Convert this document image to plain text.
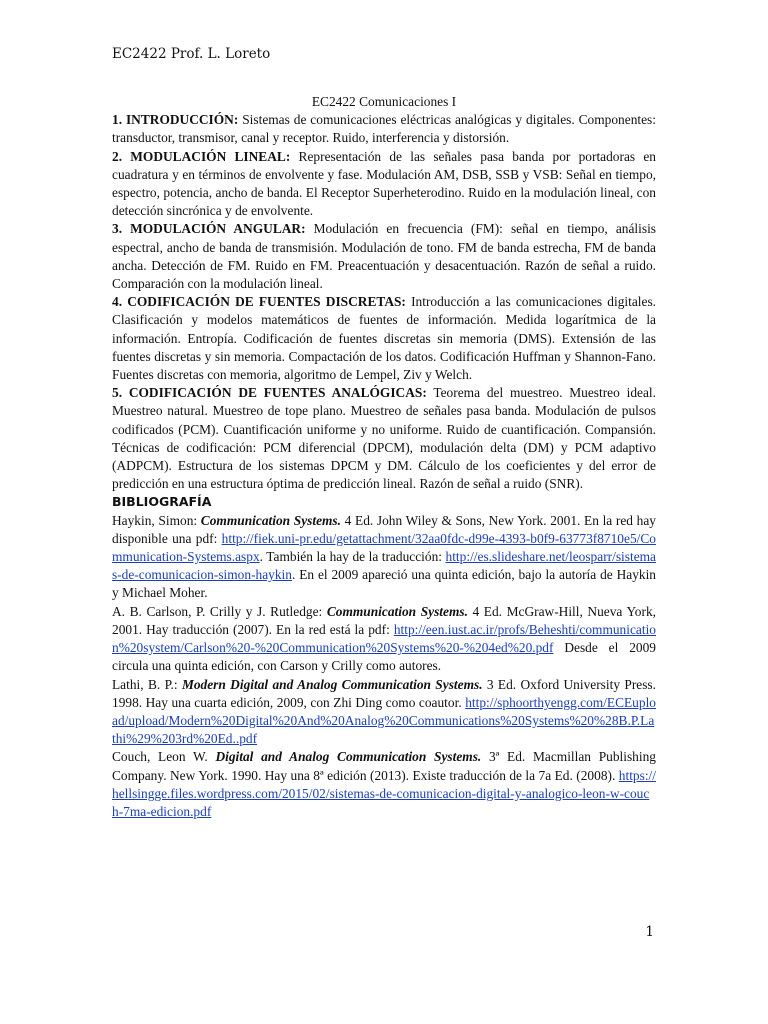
EC2422 Prof. L. Loreto

EC2422 Comunicaciones I

1. INTRODUCCIÓN: Sistemas de comunicaciones eléctricas analógicas y digitales. Componentes: transductor, transmisor, canal y receptor. Ruido, interferencia y distorsión.

2. MODULACIÓN LINEAL: Representación de las señales pasa banda por portadoras en cuadratura y en términos de envolvente y fase. Modulación AM, DSB, SSB y VSB: Señal en tiempo, espectro, potencia, ancho de banda. El Receptor Superheterodino. Ruido en la modulación lineal, con detección sincrónica y de envolvente.

3. MODULACIÓN ANGULAR: Modulación en frecuencia (FM): señal en tiempo, análisis espectral, ancho de banda de transmisión. Modulación de tono. FM de banda estrecha, FM de banda ancha. Detección de FM. Ruido en FM. Preacentuación y desacentuación. Razón de señal a ruido. Comparación con la modulación lineal.

4. CODIFICACIÓN DE FUENTES DISCRETAS: Introducción a las comunicaciones digitales. Clasificación y modelos matemáticos de fuentes de información. Medida logarítmica de la información. Entropía. Codificación de fuentes discretas sin memoria (DMS). Extensión de las fuentes discretas y sin memoria. Compactación de los datos. Codificación Huffman y Shannon-Fano. Fuentes discretas con memoria, algoritmo de Lempel, Ziv y Welch.

5. CODIFICACIÓN DE FUENTES ANALÓGICAS: Teorema del muestreo. Muestreo ideal. Muestreo natural. Muestreo de tope plano. Muestreo de señales pasa banda. Modulación de pulsos codificados (PCM). Cuantificación uniforme y no uniforme. Ruido de cuantificación. Compansión. Técnicas de codificación: PCM diferencial (DPCM), modulación delta (DM) y PCM adaptivo (ADPCM). Estructura de los sistemas DPCM y DM. Cálculo de los coeficientes y del error de predicción en una estructura óptima de predicción lineal. Razón de señal a ruido (SNR).

BIBLIOGRAFÍA

Haykin, Simon: Communication Systems. 4 Ed. John Wiley & Sons, New York. 2001. En la red hay disponible una pdf: http://fiek.uni-pr.edu/getattachment/32aa0fdc-d99e-4393-b0f9-63773f8710e5/Communication-Systems.aspx. También la hay de la traducción: http://es.slideshare.net/leosparr/sistemas-de-comunicacion-simon-haykin. En el 2009 apareció una quinta edición, bajo la autoría de Haykin y Michael Moher.

A. B. Carlson, P. Crilly y J. Rutledge: Communication Systems. 4 Ed. McGraw-Hill, Nueva York, 2001. Hay traducción (2007). En la red está la pdf: http://een.iust.ac.ir/profs/Beheshti/communication%20system/Carlson%20-%20Communication%20Systems%20-%204ed%20.pdf Desde el 2009 circula una quinta edición, con Carson y Crilly como autores.

Lathi, B. P.: Modern Digital and Analog Communication Systems. 3 Ed. Oxford University Press. 1998. Hay una cuarta edición, 2009, con Zhi Ding como coautor. http://sphoorthyengg.com/ECEupload/upload/Modern%20Digital%20And%20Analog%20Communications%20Systems%20%28B.P.Lathi%29%203rd%20Ed..pdf

Couch, Leon W. Digital and Analog Communication Systems. 3ª Ed. Macmillan Publishing Company. New York. 1990. Hay una 8ª edición (2013). Existe traducción de la 7a Ed. (2008). https://hellsingge.files.wordpress.com/2015/02/sistemas-de-comunicacion-digital-y-analogico-leon-w-couch-7ma-edicion.pdf

1
